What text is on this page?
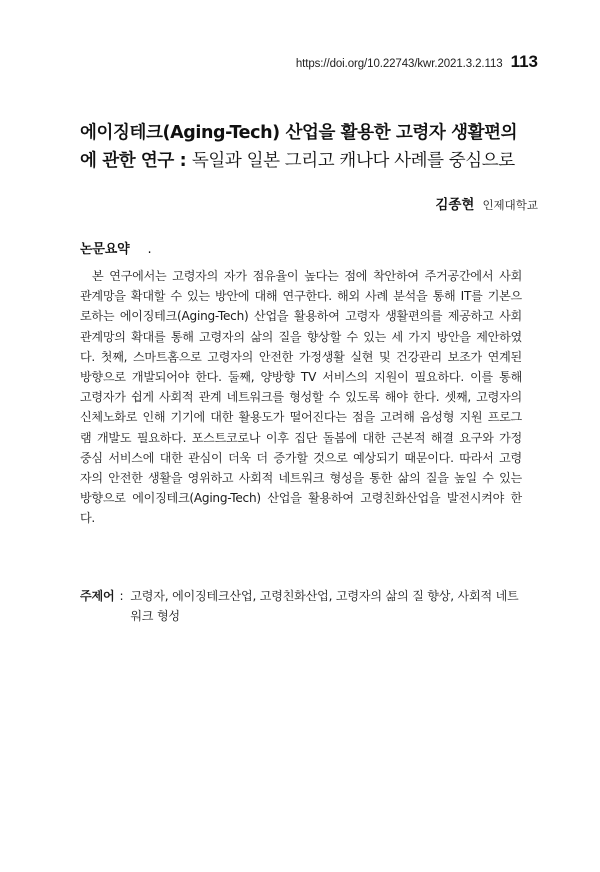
https://doi.org/10.22743/kwr.2021.3.2.113 113
에이징테크(Aging-Tech) 산업을 활용한 고령자 생활편의
에 관한 연구 : 독일과 일본 그리고 캐나다 사례를 중심으로
김종현 인제대학교
논문요약 .

본 연구에서는 고령자의 자가 점유율이 높다는 점에 착안하여 주거공간에서 사회관계망을 확대할 수 있는 방안에 대해 연구한다. 해외 사례 분석을 통해 IT를 기본으로하는 에이징테크(Aging-Tech) 산업을 활용하여 고령자 생활편의를 제공하고 사회관계망의 확대를 통해 고령자의 삶의 질을 향상할 수 있는 세 가지 방안을 제안하였다. 첫째, 스마트홈으로 고령자의 안전한 가정생활 실현 및 건강관리 보조가 연계된 방향으로 개발되어야 한다. 둘째, 양방향 TV 서비스의 지원이 필요하다. 이를 통해 고령자가 쉽게 사회적 관계 네트워크를 형성할 수 있도록 해야 한다. 셋째, 고령자의 신체노화로 인해 기기에 대한 활용도가 떨어진다는 점을 고려해 음성형 지원 프로그램 개발도 필요하다. 포스트코로나 이후 집단 돌봄에 대한 근본적 해결 요구와 가정 중심 서비스에 대한 관심이 더욱 더 증가할 것으로 예상되기 때문이다. 따라서 고령자의 안전한 생활을 영위하고 사회적 네트워크 형성을 통한 삶의 질을 높일 수 있는 방향으로 에이징테크(Aging-Tech) 산업을 활용하여 고령친화산업을 발전시켜야 한다.

주제어 : 고령자, 에이징테크산업, 고령친화산업, 고령자의 삶의 질 향상, 사회적 네트워크 형성
